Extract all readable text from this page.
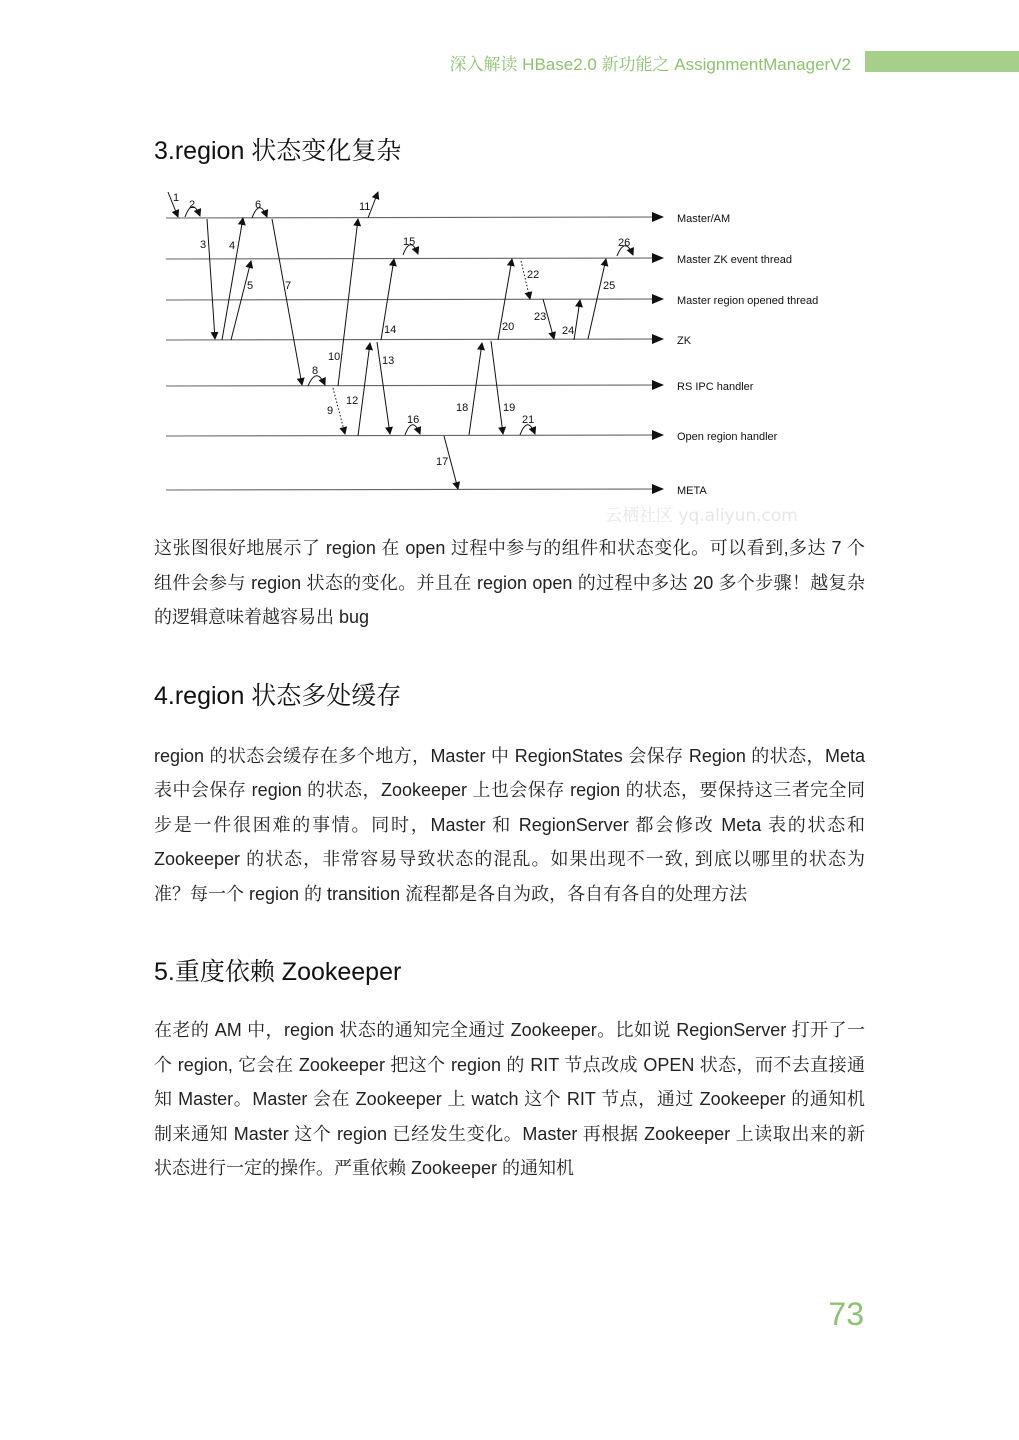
深入解读 HBase2.0 新功能之 AssignmentManagerV2
3.region 状态变化复杂
Master/AM
Master ZK event thread
Master region opened thread
ZK
RS IPC handler
Open region handler
META
1
2
3 4
5
6
7
8
9
10
11
12
13
14
15
16
17
18	19
20
21
22
23
24
25
26
云栖社区 yq.aliyun.com

这张图很好地展示了 region 在 open 过程中参与的组件和状态变化。可以看到,多达 7 个组件会参与 region 状态的变化。并且在 region open 的过程中多达 20 多个步骤！越复杂的逻辑意味着越容易出 bug

4.region 状态多处缓存

region 的状态会缓存在多个地方，Master 中 RegionStates 会保存 Region 的状态，Meta 表中会保存 region 的状态，Zookeeper 上也会保存 region 的状态，要保持这三者完全同步是一件很困难的事情。同时，Master 和 RegionServer 都会修改 Meta 表的状态和 Zookeeper 的状态，非常容易导致状态的混乱。如果出现不一致, 到底以哪里的状态为准？每一个 region 的 transition 流程都是各自为政，各自有各自的处理方法

5.重度依赖 Zookeeper

在老的 AM 中，region 状态的通知完全通过 Zookeeper。比如说 RegionServer 打开了一个 region, 它会在 Zookeeper 把这个 region 的 RIT 节点改成 OPEN 状态，而不去直接通知 Master。Master 会在 Zookeeper 上 watch 这个 RIT 节点，通过 Zookeeper 的通知机制来通知 Master 这个 region 已经发生变化。Master 再根据 Zookeeper 上读取出来的新状态进行一定的操作。严重依赖 Zookeeper 的通知机

73
